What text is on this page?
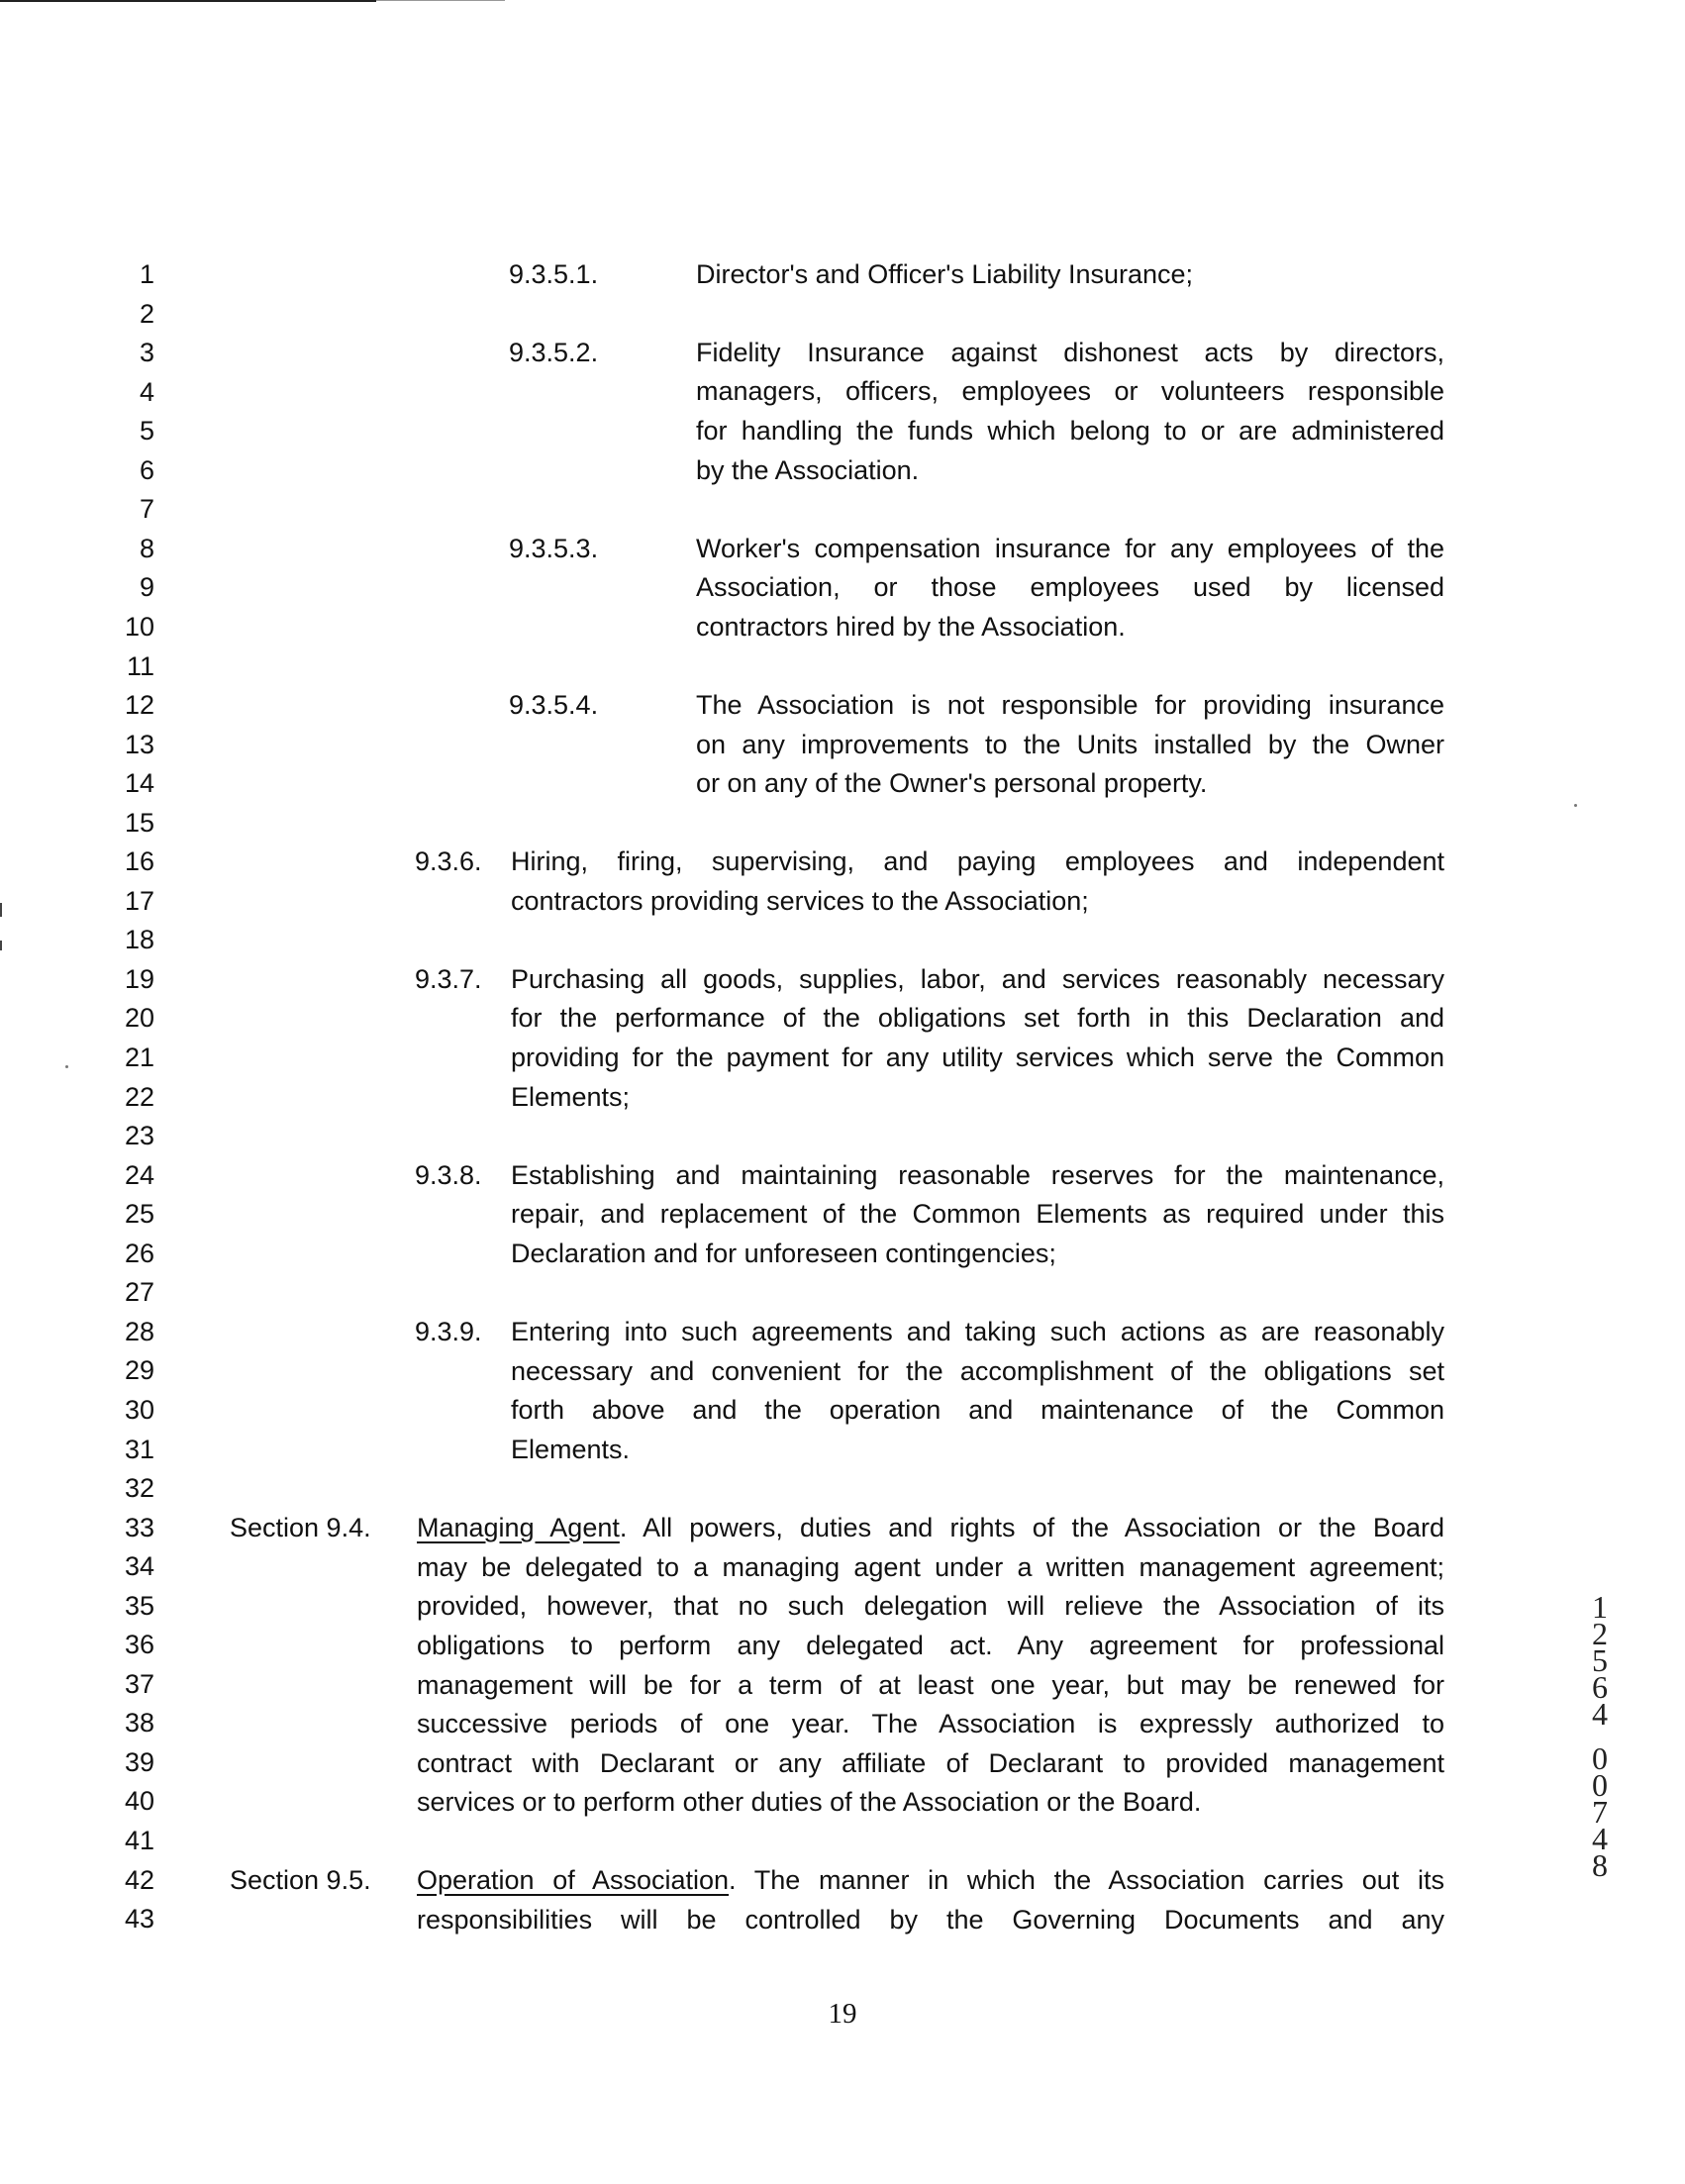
1
2
3
4
5
6
7
8
9
10
11
12
13
14
15
16
17
18
19
20
21
22
23
24
25
26
27
28
29
30
31
32
33
34
35
36
37
38
39
40
41
42
43
9.3.5.1.	Director's and Officer's Liability Insurance;
9.3.5.2.	Fidelity Insurance against dishonest acts by directors,
managers, officers, employees or volunteers responsible
for handling the funds which belong to or are administered
by the Association.
9.3.5.3.	Worker's compensation insurance for any employees of the
Association, or those employees used by licensed
contractors hired by the Association.
9.3.5.4.	The Association is not responsible for providing insurance
on any improvements to the Units installed by the Owner
or on any of the Owner's personal property.
9.3.6. Hiring, firing, supervising, and paying employees and independent
contractors providing services to the Association;
9.3.7. Purchasing all goods, supplies, labor, and services reasonably necessary
for the performance of the obligations set forth in this Declaration and
providing for the payment for any utility services which serve the Common
Elements;
9.3.8. Establishing and maintaining reasonable reserves for the maintenance,
repair, and replacement of the Common Elements as required under this
Declaration and for unforeseen contingencies;
9.3.9. Entering into such agreements and taking such actions as are reasonably
necessary and convenient for the accomplishment of the obligations set
forth above and the operation and maintenance of the Common
Elements.
Section 9.4. Managing Agent. All powers, duties and rights of the Association or the Board
may be delegated to a managing agent under a written management agreement;
provided, however, that no such delegation will relieve the Association of its
obligations to perform any delegated act. Any agreement for professional
management will be for a term of at least one year, but may be renewed for
successive periods of one year. The Association is expressly authorized to
contract with Declarant or any affiliate of Declarant to provided management
services or to perform other duties of the Association or the Board.
Section 9.5. Operation of Association. The manner in which the Association carries out its
responsibilities will be controlled by the Governing Documents and any
19
1
2
5
6
4
0
0
7
4
8
